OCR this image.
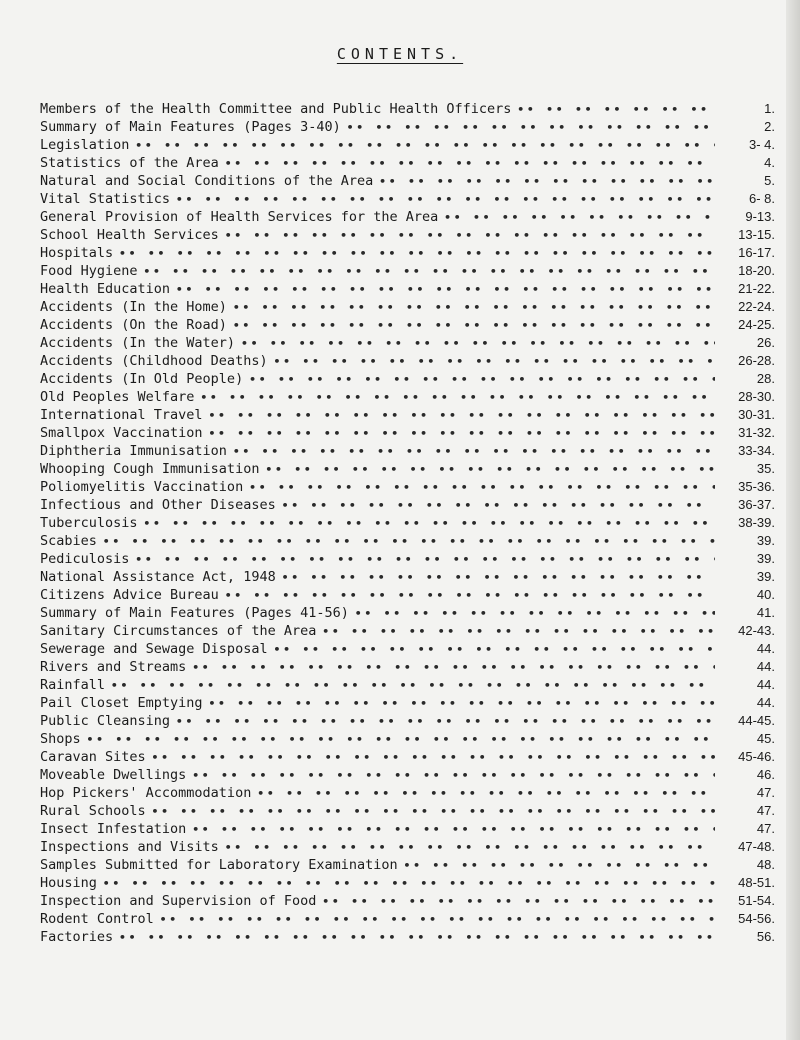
CONTENTS.
Members of the Health Committee and Public Health Officers •• ••	1.
Summary of Main Features (Pages 3-40) •• ••	2.
Legislation •• ••	3- 4.
Statistics of the Area •• ••	4.
Natural and Social Conditions of the Area •• ••	5.
Vital Statistics •• ••	6- 8.
General Provision of Health Services for the Area •• ••	9-13.
School Health Services •• ••	13-15.
Hospitals •• ••	16-17.
Food Hygiene •• ••	18-20.
Health Education •• ••	21-22.
Accidents (In the Home) •• ••	22-24.
Accidents (On the Road) •• ••	24-25.
Accidents (In the Water) •• ••	26.
Accidents (Childhood Deaths) •• ••	26-28.
Accidents (In Old People) •• ••	28.
Old Peoples Welfare •• ••	28-30.
International Travel •• ••	30-31.
Smallpox Vaccination •• ••	31-32.
Diphtheria Immunisation •• ••	33-34.
Whooping Cough Immunisation •• ••	35.
Poliomyelitis Vaccination •• ••	35-36.
Infectious and Other Diseases •• ••	36-37.
Tuberculosis •• ••	38-39.
Scabies •• ••	39.
Pediculosis •• ••	39.
National Assistance Act, 1948 •• ••	39.
Citizens Advice Bureau •• ••	40.
Summary of Main Features (Pages 41-56) •• ••	41.
Sanitary Circumstances of the Area •• ••	42-43.
Sewerage and Sewage Disposal •• ••	44.
Rivers and Streams •• ••	44.
Rainfall •• ••	44.
Pail Closet Emptying •• ••	44.
Public Cleansing •• ••	44-45.
Shops •• ••	45.
Caravan Sites •• ••	45-46.
Moveable Dwellings •• ••	46.
Hop Pickers' Accommodation •• ••	47.
Rural Schools •• ••	47.
Insect Infestation •• ••	47.
Inspections and Visits •• ••	47-48.
Samples Submitted for Laboratory Examination •• ••	48.
Housing •• ••	48-51.
Inspection and Supervision of Food •• ••	51-54.
Rodent Control •• ••	54-56.
Factories •• ••	56.
